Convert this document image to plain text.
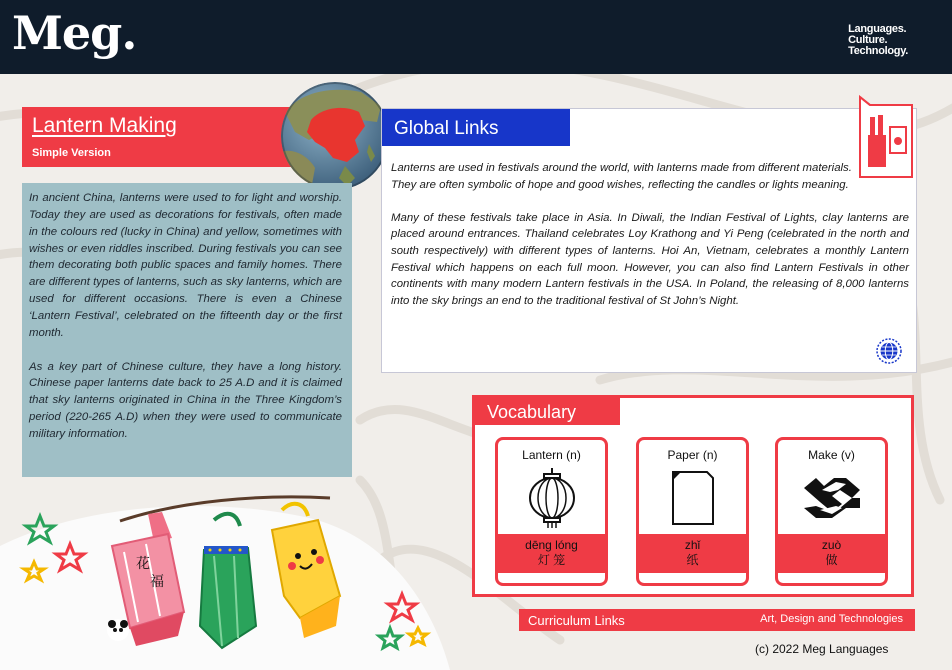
Meg.	Languages.
Culture.
Technology.
Lantern Making
Simple Version

In ancient China, lanterns were used to for light and worship. Today they are used as decorations for festivals, often made in the colours red (lucky in China) and yellow, sometimes with wishes or even riddles inscribed. During festivals you can see them decorating both public spaces and family homes. There are different types of lanterns, such as sky lanterns, which are used for different occasions. There is even a Chinese ‘Lantern Festival’, celebrated on the fifteenth day or the first month.

As a key part of Chinese culture, they have a long history. Chinese paper lanterns date back to 25 A.D and it is claimed that sky lanterns originated in China in the Three Kingdom’s period (220-265 A.D) when they were used to communicate military information.

Global Links

Lanterns are used in festivals around the world, with lanterns made from different materials. They are often symbolic of hope and good wishes, reflecting the candles or lights meaning.

Many of these festivals take place in Asia. In Diwali, the Indian Festival of Lights, clay lanterns are placed around entrances. Thailand celebrates Loy Krathong and Yi Peng (celebrated in the north and south respectively) with different types of lanterns. Hoi An, Vietnam, celebrates a monthly Lantern Festival which happens on each full moon. However, you can also find Lantern Festivals in other continents with many modern Lantern festivals in the USA. In Poland, the releasing of 8,000 lanterns into the sky brings an end to the traditional festival of St John’s Night.

Vocabulary
Lantern (n)
dēng lóng
灯 笼
Paper (n)
zhǐ
纸
Make (v)
zuò
做
Curriculum Links	Art, Design and Technologies
(c) 2022 Meg Languages
花
福
